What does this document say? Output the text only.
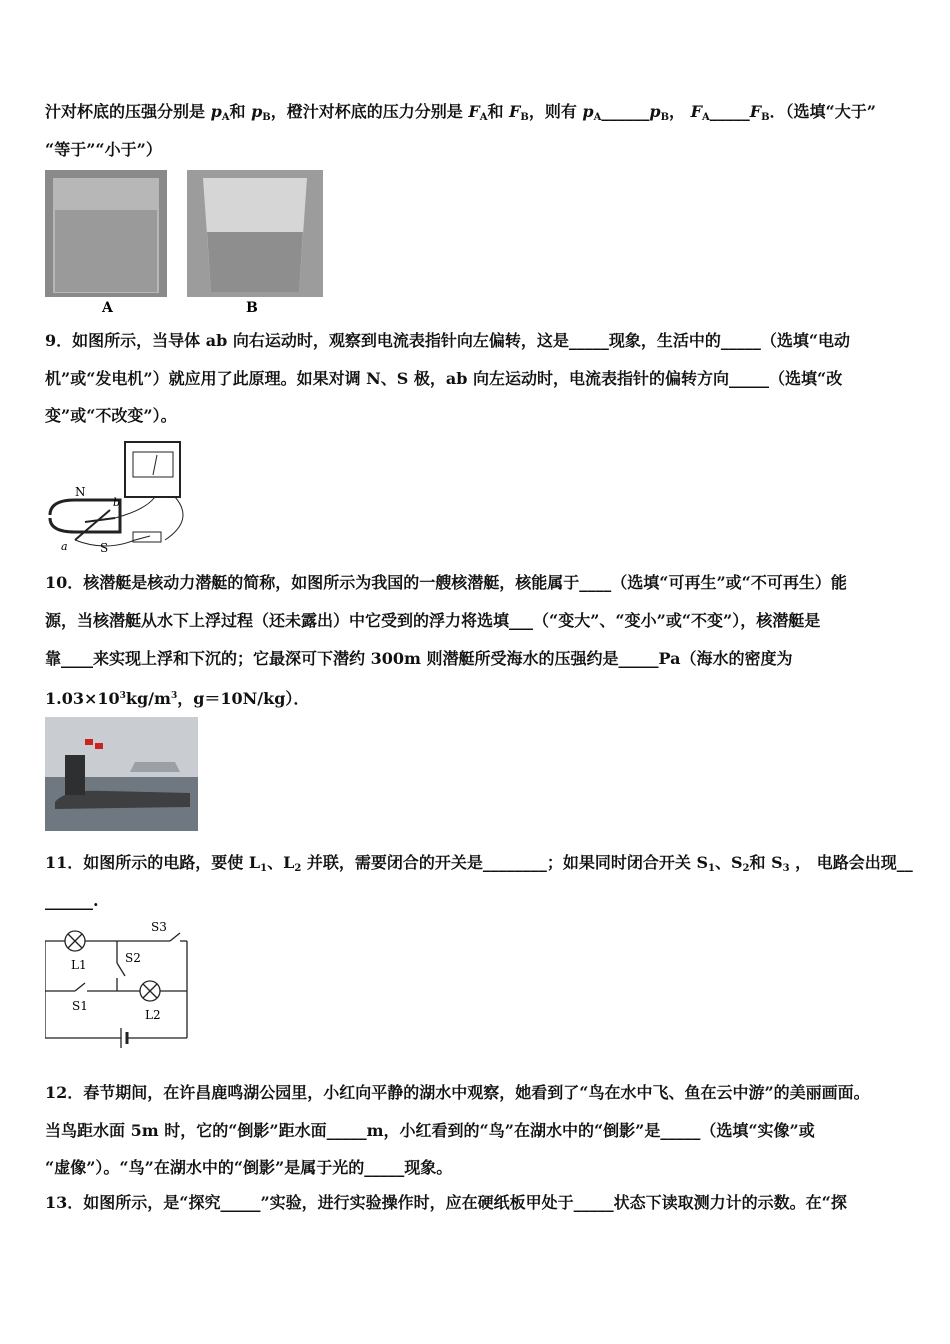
汁对杯底的压强分别是 $p_A$和 $p_B$，橙汁对杯底的压力分别是 $F_A$和 $F_B$，则有 $p_A\_\_\_\_\_\_p_B$， $F_A\_\_\_\_\_F_B$．（选填“大于”
“等于”“小于”）
A	B
9．如图所示，当导体 ab 向右运动时，观察到电流表指针向左偏转，这是_____现象，生活中的_____（选填“电动
机”或“发电机”）就应用了此原理。如果对调 N、S 极，ab 向左运动时，电流表指针的偏转方向_____（选填“改
变”或“不改变”）。
N
S
a
b
10．核潜艇是核动力潜艇的简称，如图所示为我国的一艘核潜艇，核能属于____（选填“可再生”或“不可再生）能
源，当核潜艇从水下上浮过程（还未露出）中它受到的浮力将选填___（“变大”、“变小”或“不变”），核潜艇是
靠____来实现上浮和下沉的；它最深可下潜约 300m 则潜艇所受海水的压强约是_____Pa（海水的密度为
$1.03\times 10^3kg/m^3$，g＝10N/kg）．
11．如图所示的电路，要使 $L_1$、$L_2$ 并联，需要闭合的开关是________；如果同时闭合开关 $S_1$、$S_2$和 $S_3$ ， 电路会出现__
______.
L1
L2
S1
S2
S3
12．春节期间，在许昌鹿鸣湖公园里，小红向平静的湖水中观察，她看到了“鸟在水中飞、鱼在云中游”的美丽画面。
当鸟距水面 5m 时，它的“倒影”距水面_____m，小红看到的“鸟”在湖水中的“倒影”是_____（选填“实像”或
“虚像”）。“鸟”在湖水中的“倒影”是属于光的_____现象。
13．如图所示，是“探究_____”实验，进行实验操作时，应在硬纸板甲处于_____状态下读取测力计的示数。在“探
